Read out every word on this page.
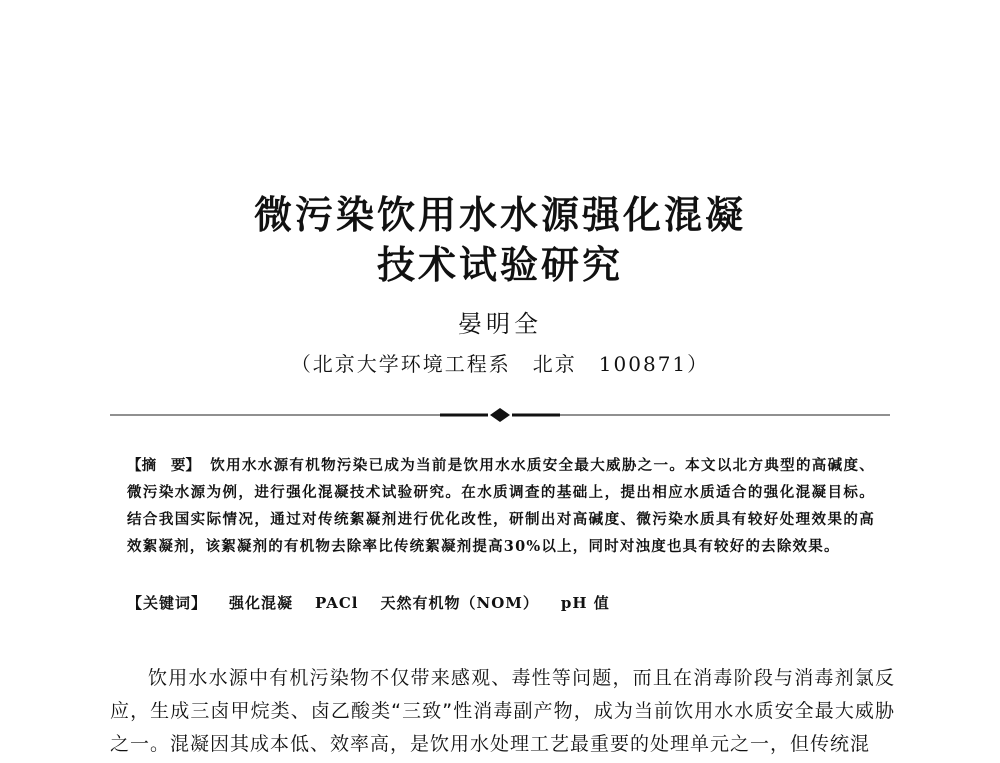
微污染饮用水水源强化混凝
技术试验研究
晏明全
（北京大学环境工程系　北京　100871）
【摘　要】 饮用水水源有机物污染已成为当前是饮用水水质安全最大威胁之一。本文以北方典型的高碱度、微污染水源为例，进行强化混凝技术试验研究。在水质调查的基础上，提出相应水质适合的强化混凝目标。结合我国实际情况，通过对传统絮凝剂进行优化改性，研制出对高碱度、微污染水质具有较好处理效果的高效絮凝剂，该絮凝剂的有机物去除率比传统絮凝剂提高30%以上，同时对浊度也具有较好的去除效果。
【关键词】 强化混凝 PACl 天然有机物（NOM） pH 值

饮用水水源中有机污染物不仅带来感观、毒性等问题，而且在消毒阶段与消毒剂氯反应，生成三卤甲烷类、卤乙酸类“三致”性消毒副产物，成为当前饮用水水质安全最大威胁之一。混凝因其成本低、效率高，是饮用水处理工艺最重要的处理单元之一，但传统混
